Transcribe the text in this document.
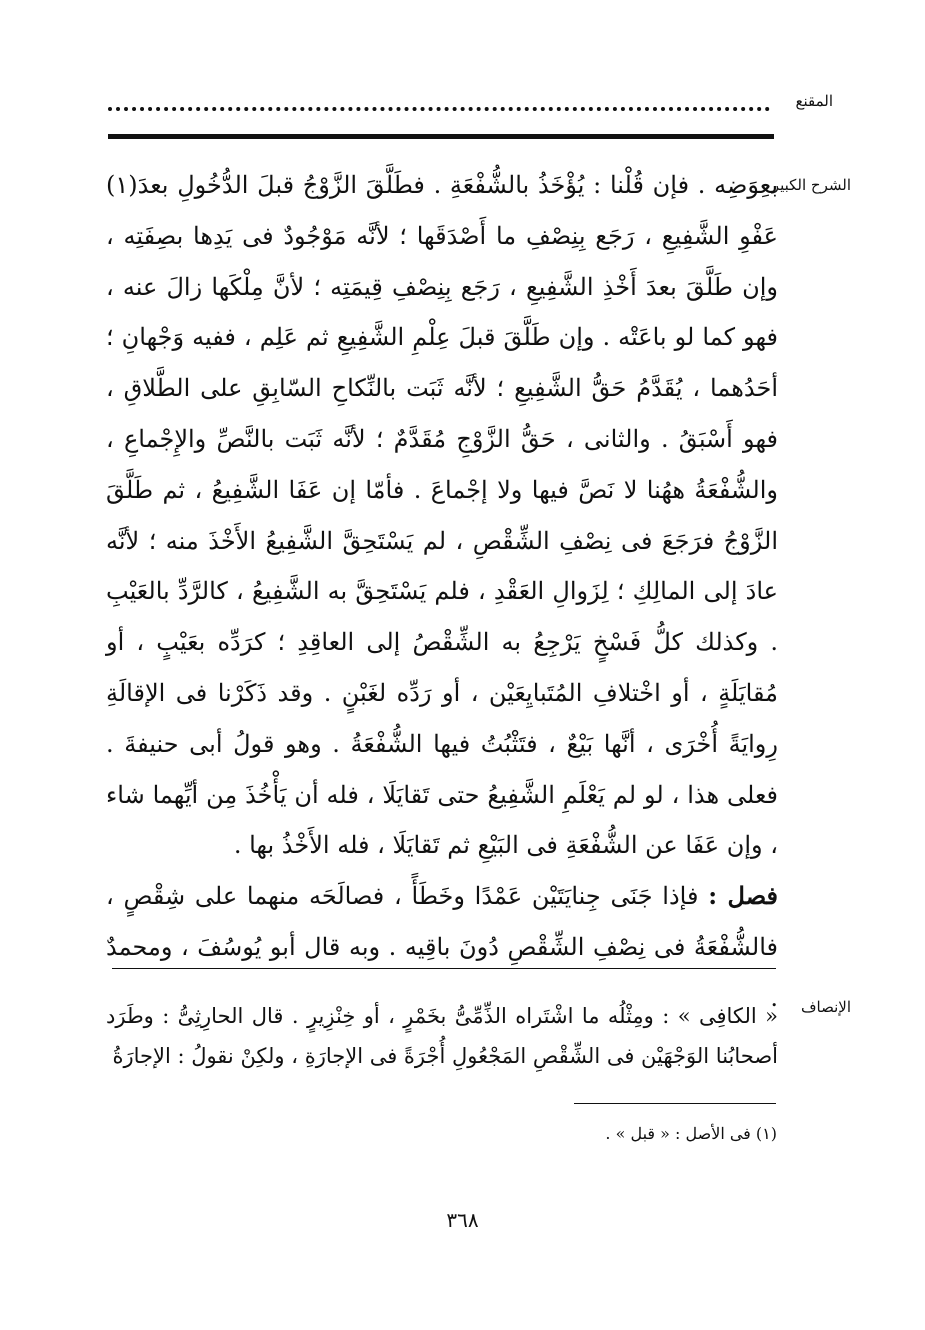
المقنع
الشرح الكبير

بعِوَضِه . فإن قُلْنا : يُؤْخَذُ بالشُّفْعَةِ . فطَلَّقَ الزَّوْجُ قبلَ الدُّخُولِ بعدَ(١) عَفْوِ الشَّفِيعِ ، رَجَع بِنِصْفِ ما أَصْدَقَها ؛ لأنَّه مَوْجُودٌ فى يَدِها بصِفَتِه ، وإن طَلَّقَ بعدَ أَخْذِ الشَّفِيعِ ، رَجَع بِنِصْفِ قِيمَتِه ؛ لأنَّ مِلْكَها زالَ عنه ، فهو كما لو باعَتْه . وإن طَلَّقَ قبلَ عِلْمِ الشَّفِيعِ ثم عَلِم ، ففيه وَجْهانِ ؛ أحَدُهما ، يُقَدَّمُ حَقُّ الشَّفِيعِ ؛ لأنَّه ثَبَت بالنِّكاحِ السّابِقِ على الطَّلاقِ ، فهو أَسْبَقُ . والثانى ، حَقُّ الزَّوْجِ مُقَدَّمٌ ؛ لأنَّه ثَبَت بالنَّصِّ والإِجْماعِ ، والشُّفْعَةُ ههُنا لا نَصَّ فيها ولا إجْماعَ . فأمّا إن عَفَا الشَّفِيعُ ، ثم طَلَّقَ الزَّوْجُ فرَجَعَ فى نِصْفِ الشِّقْصِ ، لم يَسْتَحِقَّ الشَّفِيعُ الأَخْذَ منه ؛ لأنَّه عادَ إلى المالِكِ ؛ لِزَوالِ العَقْدِ ، فلم يَسْتَحِقَّ به الشَّفِيعُ ، كالرَّدِّ بالعَيْبِ . وكذلك كلُّ فَسْخٍ يَرْجِعُ به الشِّقْصُ إلى العاقِدِ ؛ كرَدِّه بعَيْبٍ ، أو مُقايَلَةٍ ، أو اخْتلافِ المُتَبايِعَيْن ، أو رَدِّه لغَبْنٍ . وقد ذَكَرْنا فى الإقالَةِ رِوايَةً أُخْرَى ، أنَّها بَيْعٌ ، فتَثْبُتُ فيها الشُّفْعَةُ . وهو قولُ أبى حنيفةَ . فعلى هذا ، لو لم يَعْلَمِ الشَّفِيعُ حتى تَقايَلَا ، فله أن يَأْخُذَ مِن أيِّهما شاء ، وإن عَفَا عن الشُّفْعَةِ فى البَيْعِ ثم تَقايَلَا ، فله الأَخْذُ بها .

فصل : فإذا جَنَى جِنايَتَيْن عَمْدًا وخَطَأً ، فصالَحَه منهما على شِقْصٍ ، فالشُّفْعَةُ فى نِصْفِ الشِّقْصِ دُونَ باقِيه . وبه قال أبو يُوسُفَ ، ومحمدٌ . الإنصاف
« الكافِى » : ومِثْلُه ما اشْتَراه الذِّمِّىُّ بخَمْرٍ ، أو خِنْزِيرٍ . قال الحارِثِىُّ : وطَرَد أصحابُنا الوَجْهَيْن فى الشِّقْصِ المَجْعُولِ أُجْرَةً فى الإجارَةِ ، ولكِنْ نقولُ : الإجارَةُ
(١) فى الأصل : « قبل » .
٣٦٨
